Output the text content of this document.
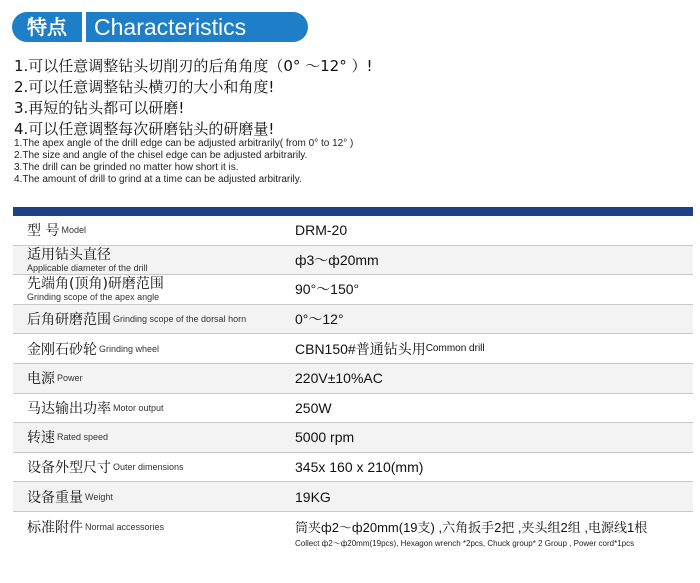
特点	Characteristics
1.可以任意调整钻头切削刃的后角角度（0° ～12° ）!
2.可以任意调整钻头横刃的大小和角度!
3.再短的钻头都可以研磨!
4.可以任意调整每次研磨钻头的研磨量!
1.The apex angle of the drill edge can be adjusted arbitrarily( from 0° to 12° )
2.The size and angle of the chisel edge can be adjusted arbitrarily.
3.The drill can be grinded no matter how short it is.
4.The amount of drill to grind at a time can be adjusted arbitrarily.
型 号 Model	DRM-20
适用钻头直径
Applicable diameter of the drill	ф3～ф20mm
先端角(顶角)研磨范围
Grinding scope of the apex angle	90°～150°
后角研磨范围 Grinding scope of the dorsal horn	0°～12°
金刚石砂轮 Grinding wheel	CBN150#普通钻头用 Common drill
电源 Power	220V±10%AC
马达输出功率 Motor output	250W
转速 Rated speed	5000 rpm
设备外型尺寸 Outer dimensions	345x 160 x 210(mm)
设备重量 Weight	19KG
标准附件 Normal accessories	筒夹ф2～ф20mm(19支) ,六角扳手2把 ,夹头组2组 ,电源线1根
Collect ф2～ф20mm(19pcs), Hexagon wrench *2pcs, Chuck group* 2 Group , Power cord*1pcs
